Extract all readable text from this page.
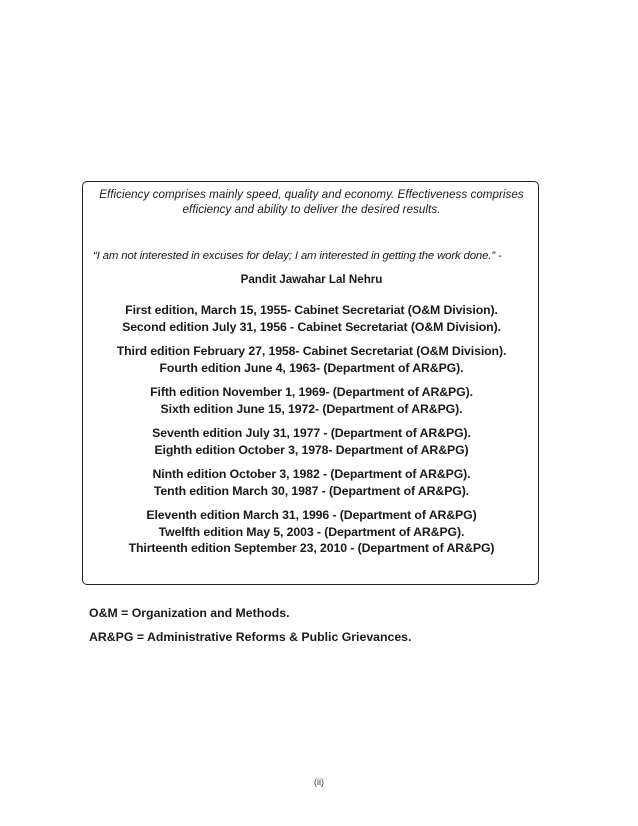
Efficiency comprises mainly speed, quality and economy. Effectiveness comprises
efficiency and ability to deliver the desired results.
“I am not interested in excuses for delay; I am interested in getting the work done.” -
Pandit Jawahar Lal Nehru
First edition, March 15, 1955- Cabinet Secretariat (O&M Division).
Second edition July 31, 1956 - Cabinet Secretariat (O&M Division).
Third edition February 27, 1958- Cabinet Secretariat (O&M Division).
Fourth edition June 4, 1963- (Department of AR&PG).
Fifth edition November 1, 1969- (Department of AR&PG).
Sixth edition June 15, 1972- (Department of AR&PG).
Seventh edition July 31, 1977 - (Department of AR&PG).
Eighth edition October 3, 1978- Department of AR&PG)
Ninth edition October 3, 1982 - (Department of AR&PG).
Tenth edition March 30, 1987 - (Department of AR&PG).
Eleventh edition March 31, 1996 - (Department of AR&PG)
Twelfth edition May 5, 2003 - (Department of AR&PG).
Thirteenth edition September 23, 2010 - (Department of AR&PG)
O&M = Organization and Methods.
AR&PG = Administrative Reforms & Public Grievances.
(ii)
